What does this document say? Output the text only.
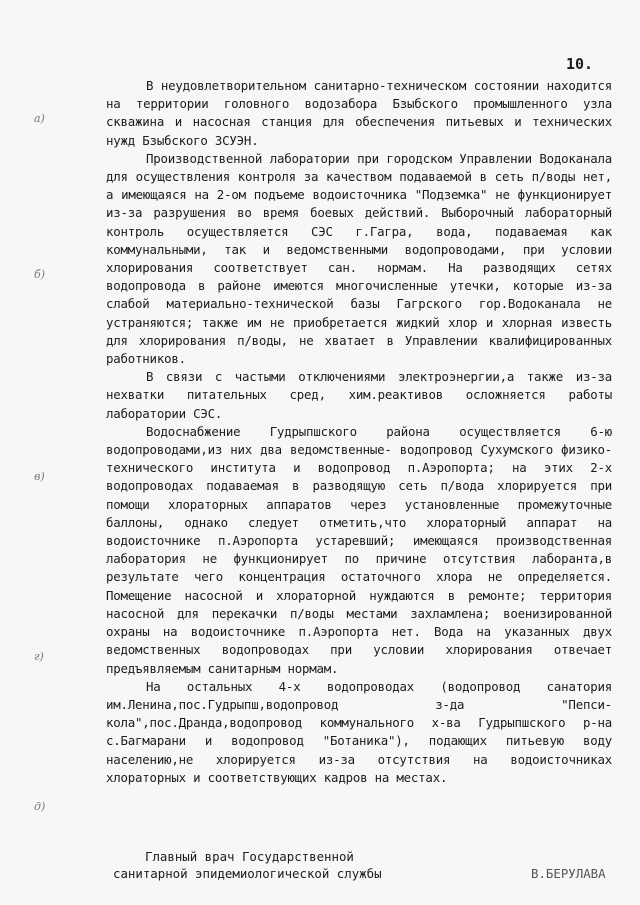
10.
а)
б)
в)
г)
д)

В неудовлетворительном санитарно-техническом состоянии находится на территории головного водозабора Бзыбского промышленного узла скважина и насосная станция для обеспечения питьевых и технических нужд Бзыбского ЗСУЭН.

Производственной лаборатории при городском Управлении Водоканала для осуществления контроля за качеством подаваемой в сеть п/воды нет, а имеющаяся на 2-ом подъеме водоисточника "Подземка" не функционирует из-за разрушения во время боевых действий. Выборочный лабораторный контроль осуществляется СЭС г.Гагра, вода, подаваемая как коммунальными, так и ведомственными водопроводами, при условии хлорирования соответствует сан. нормам. На разводящих сетях водопровода в районе имеются многочисленные утечки, которые из-за слабой материально-технической базы Гагрского гор.Водоканала не устраняются; также им не приобретается жидкий хлор и хлорная известь для хлорирования п/воды, не хватает в Управлении квалифицированных работников.

В связи с частыми отключениями электроэнергии,а также из-за нехватки питательных сред, хим.реактивов осложняется работы лаборатории СЭС.

Водоснабжение Гудрыпшского района осуществляется 6-ю водопроводами,из них два ведомственные- водопровод Сухумского физико-технического института и водопровод п.Аэропорта; на этих 2-х водопроводах подаваемая в разводящую сеть п/вода хлорируется при помощи хлораторных аппаратов через установленные промежуточные баллоны, однако следует отметить,что хлораторный аппарат на водоисточнике п.Аэропорта устаревший; имеющаяся производственная лаборатория не функционирует по причине отсутствия лаборанта,в результате чего концентрация остаточного хлора не определяется. Помещение насосной и хлораторной нуждаются в ремонте; территория насосной для перекачки п/воды местами захламлена; военизированной охраны на водоисточнике п.Аэропорта нет. Вода на указанных двух ведомственных водопроводах при условии хлорирования отвечает предъявляемым санитарным нормам.

На остальных 4-х водопроводах (водопровод санатория им.Ленина,пос.Гудрыпш,водопровод з-да "Пепси-кола",пос.Дранда,водопровод коммунального х-ва Гудрыпшского р-на с.Багмарани и водопровод "Ботаника"), подающих питьевую воду населению,не хлорируется из-за отсутствия на водоисточниках хлораторных и соответствующих кадров на местах.

Главный врач Государственной
санитарной эпидемиологической службы	В.БЕРУЛАВА
